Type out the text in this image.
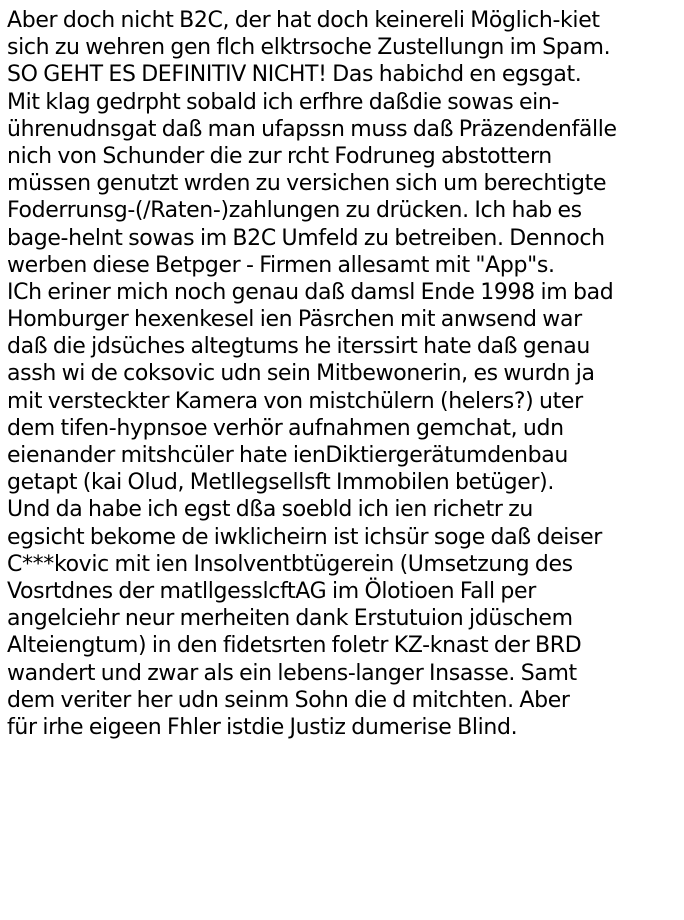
Aber doch nicht B2C, der hat doch keinereli Möglich-kiet
sich zu wehren gen flch elktrsoche Zustellungn im Spam.
SO GEHT ES DEFINITIV NICHT! Das habichd en egsgat.
Mit klag gedrpht sobald ich erfhre daßdie sowas ein-
ührenudnsgat daß man ufapssn muss daß Präzendenfälle
nich von Schunder die zur rcht Fodruneg abstottern
müssen genutzt wrden zu versichen sich um berechtigte
Foderrunsg-(/Raten-)zahlungen zu drücken. Ich hab es
bage-helnt sowas im B2C Umfeld zu betreiben. Dennoch
werben diese Betpger - Firmen allesamt mit "App"s.
ICh eriner mich noch genau daß damsl Ende 1998 im bad
Homburger hexenkesel ien Päsrchen mit anwsend war
daß die jdsüches altegtums he iterssirt hate daß genau
assh wi de coksovic udn sein Mitbewonerin, es wurdn ja
mit versteckter Kamera von mistchülern (helers?) uter
dem tifen-hypnsoe verhör aufnahmen gemchat, udn
eienander mitshcüler hate ienDiktiergerätumdenbau
getapt (kai Olud, Metllegsellsft Immobilen betüger).
Und da habe ich egst dßa soebld ich ien richetr zu
egsicht bekome de iwklicheirn ist ichsür soge daß deiser
C***kovic mit ien Insolventbtügerein (Umsetzung des
Vosrtdnes der matllgesslcftAG im Ölotioen Fall per
angelciehr neur merheiten dank Erstutuion jdüschem
Alteiengtum) in den fidetsrten foletr KZ-knast der BRD
wandert und zwar als ein lebens-langer Insasse. Samt
dem veriter her udn seinm Sohn die d mitchten. Aber
für irhe eigeen Fhler istdie Justiz dumerise Blind.
